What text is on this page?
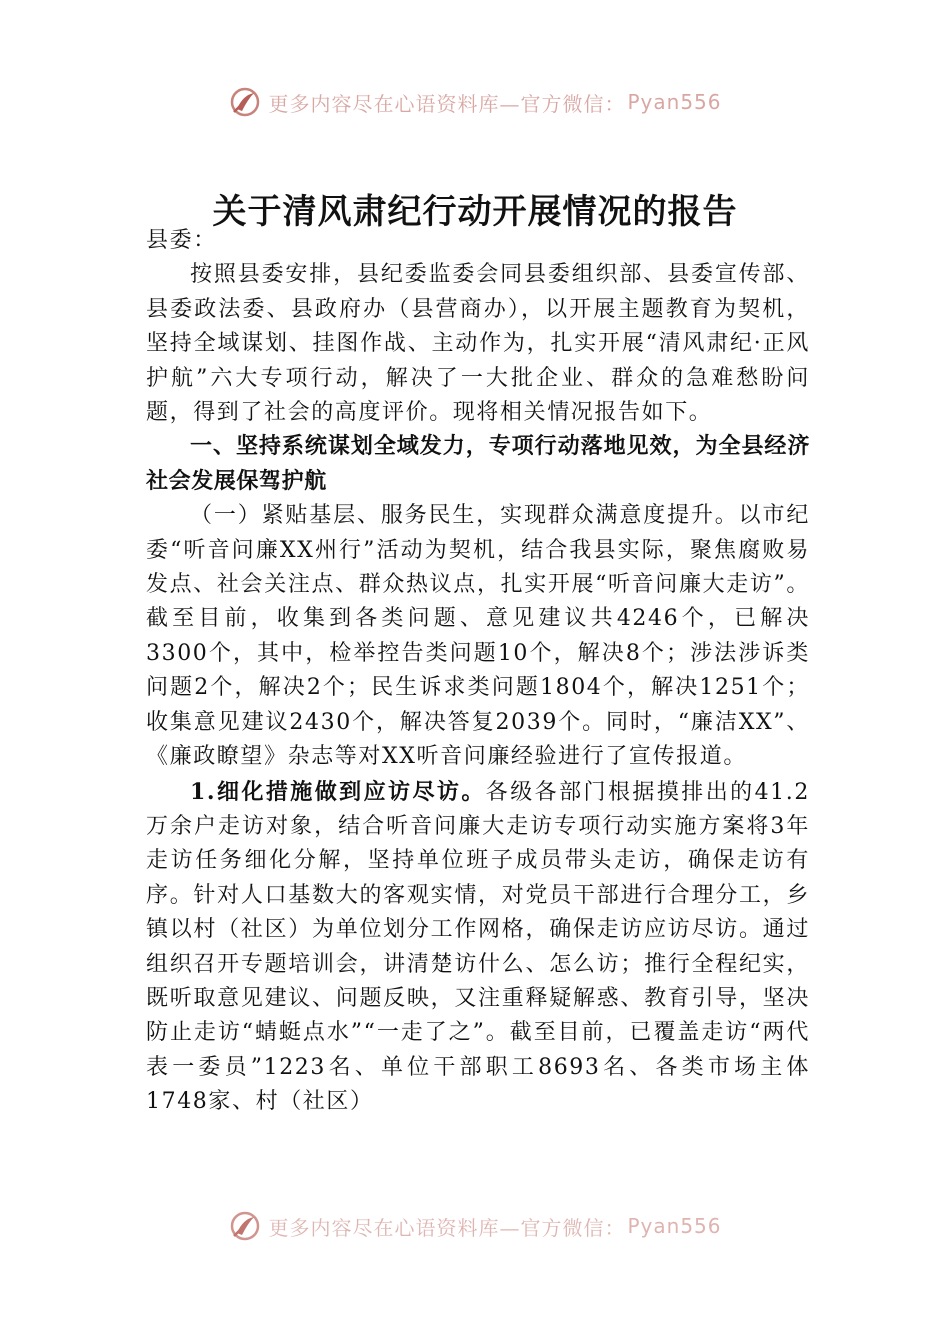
更多内容尽在心语资料库—官方微信： Pyan556
关于清风肃纪行动开展情况的报告

县委：

按照县委安排，县纪委监委会同县委组织部、县委宣传部、县委政法委、县政府办（县营商办），以开展主题教育为契机，坚持全域谋划、挂图作战、主动作为，扎实开展“清风肃纪·正风护航”六大专项行动，解决了一大批企业、群众的急难愁盼问题，得到了社会的高度评价。现将相关情况报告如下。

一、坚持系统谋划全域发力，专项行动落地见效，为全县经济社会发展保驾护航

（一）紧贴基层、服务民生，实现群众满意度提升。以市纪委“听音问廉XX州行”活动为契机，结合我县实际，聚焦腐败易发点、社会关注点、群众热议点，扎实开展“听音问廉大走访”。截至目前，收集到各类问题、意见建议共4246个，已解决3300个，其中，检举控告类问题10个，解决8个；涉法涉诉类问题2个，解决2个；民生诉求类问题1804个，解决1251个；收集意见建议2430个，解决答复2039个。同时，“廉洁XX”、《廉政瞭望》杂志等对XX听音问廉经验进行了宣传报道。

1.细化措施做到应访尽访。各级各部门根据摸排出的41.2万余户走访对象，结合听音问廉大走访专项行动实施方案将3年走访任务细化分解，坚持单位班子成员带头走访，确保走访有序。针对人口基数大的客观实情，对党员干部进行合理分工，乡镇以村（社区）为单位划分工作网格，确保走访应访尽访。通过组织召开专题培训会，讲清楚访什么、怎么访；推行全程纪实，既听取意见建议、问题反映，又注重释疑解惑、教育引导，坚决防止走访“蜻蜓点水”“一走了之”。截至目前，已覆盖走访“两代表一委员”1223名、单位干部职工8693名、各类市场主体1748家、村（社区）

更多内容尽在心语资料库—官方微信： Pyan556
